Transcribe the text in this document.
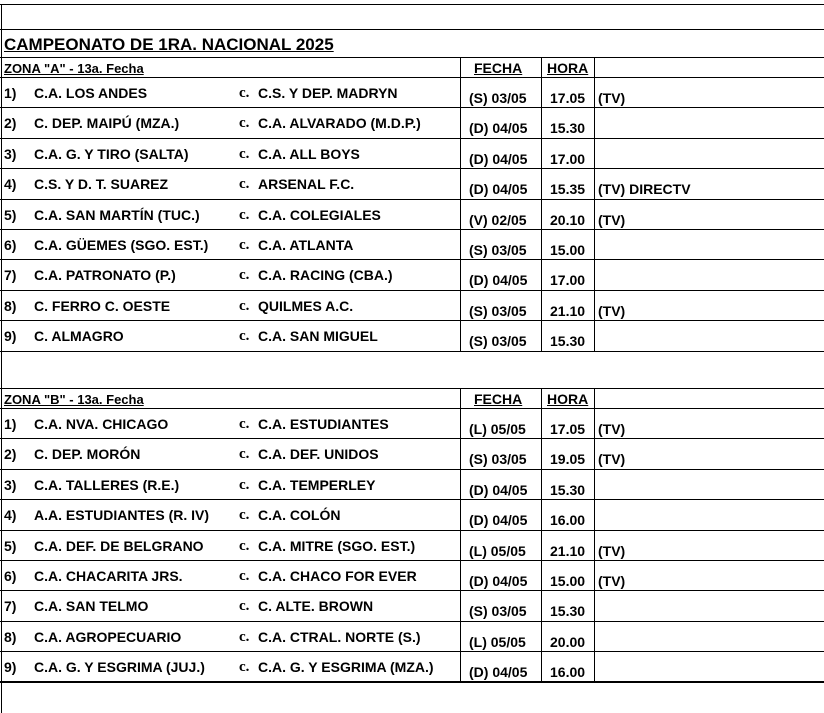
CAMPEONATO DE 1RA. NACIONAL 2025
ZONA "A" - 13a. Fecha	FECHA HORA
1) C.A. LOS ANDES	c. C.S. Y DEP. MADRYN	(S) 03/05 17.05 (TV)
2) C. DEP. MAIPÚ (MZA.)	c. C.A. ALVARADO (M.D.P.)	(D) 04/05 15.30
3) C.A. G. Y TIRO (SALTA)	c. C.A. ALL BOYS	(D) 04/05 17.00
4) C.S. Y D. T. SUAREZ	c. ARSENAL F.C.	(D) 04/05 15.35 (TV) DIRECTV
5) C.A. SAN MARTÍN (TUC.)	c. C.A. COLEGIALES	(V) 02/05 20.10 (TV)
6) C.A. GÜEMES (SGO. EST.) c. C.A. ATLANTA	(S) 03/05 15.00
7) C.A. PATRONATO (P.)	c. C.A. RACING (CBA.)	(D) 04/05 17.00
8) C. FERRO C. OESTE	c. QUILMES A.C.	(S) 03/05 21.10 (TV)
9) C. ALMAGRO	c. C.A. SAN MIGUEL	(S) 03/05 15.30
ZONA "B" - 13a. Fecha	FECHA HORA
1) C.A. NVA. CHICAGO	c. C.A. ESTUDIANTES	(L) 05/05 17.05 (TV)
2) C. DEP. MORÓN	c. C.A. DEF. UNIDOS	(S) 03/05 19.05 (TV)
3) C.A. TALLERES (R.E.)	c. C.A. TEMPERLEY	(D) 04/05 15.30
4) A.A. ESTUDIANTES (R. IV) c. C.A. COLÓN	(D) 04/05 16.00
5) C.A. DEF. DE BELGRANO c. C.A. MITRE (SGO. EST.)	(L) 05/05 21.10 (TV)
6) C.A. CHACARITA JRS.	c. C.A. CHACO FOR EVER	(D) 04/05 15.00 (TV)
7) C.A. SAN TELMO	c. C. ALTE. BROWN	(S) 03/05 15.30
8) C.A. AGROPECUARIO	c. C.A. CTRAL. NORTE (S.)	(L) 05/05 20.00
9) C.A. G. Y ESGRIMA (JUJ.) c. C.A. G. Y ESGRIMA (MZA.)	(D) 04/05 16.00
